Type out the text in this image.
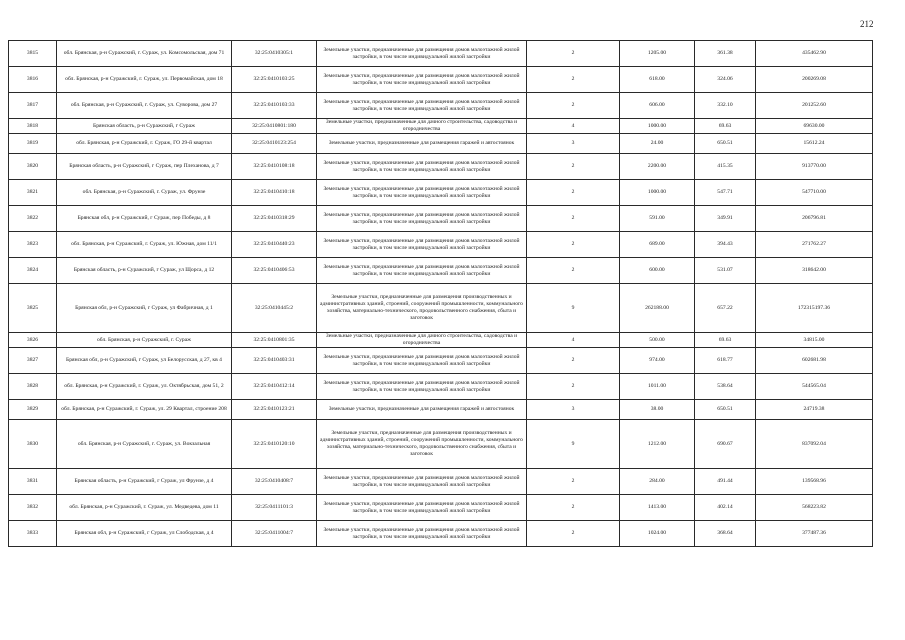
212
3815	обл. Брянская, р-н Суражский, г. Сураж, ул. Комсомольская, дом 71	32:25:0410305:1	Земельные участки, предназначенные для размещения домов малоэтажной жилой застройки, в том числе индивидуальной жилой застройки	2	1205.00	361.38	435462.90
3816	обл. Брянская, р-н Суражский, г. Сураж, ул. Первомайская, дом 18	32:25:0410103:25	Земельные участки, предназначенные для размещения домов малоэтажной жилой застройки, в том числе индивидуальной жилой застройки	2	618.00	324.06	200269.08
3817	обл. Брянская, р-н Суражский, г. Сураж, ул. Суворова, дом 27	32:25:0410103:33	Земельные участки, предназначенные для размещения домов малоэтажной жилой застройки, в том числе индивидуальной жилой застройки	2	606.00	332.10	201252.60
3818	Брянская область, р-н Суражский, г Сураж	32:25:0410801:180	Земельные участки, предназначенные для дачного строительства, садоводства и огородничества	4	1000.00	69.63	69630.00
3819	обл. Брянская, р-н Суражский, г. Сураж, ГО 29-й квартал	32:25:0410123:254	Земельные участки, предназначенные для размещения гаражей и автостоянок	3	24.00	650.51	15612.24
3820	Брянская область, р-н Суражский, г Сураж, пер Плеханова, д 7	32:25:0410108:18	Земельные участки, предназначенные для размещения домов малоэтажной жилой застройки, в том числе индивидуальной жилой застройки	2	2200.00	415.35	913770.00
3821	обл. Брянская, р-н Суражский, г. Сураж, ул. Фрунзе	32:25:0410410:18	Земельные участки, предназначенные для размещения домов малоэтажной жилой застройки, в том числе индивидуальной жилой застройки	2	1000.00	547.71	547710.00
3822	Брянская обл, р-н Суражский, г Сураж, пер Победы, д 8	32:25:0410318:29	Земельные участки, предназначенные для размещения домов малоэтажной жилой застройки, в том числе индивидуальной жилой застройки	2	591.00	349.91	206796.81
3823	обл. Брянская, р-н Суражский, г. Сураж, ул. Южная, дом 11/1	32:25:0410440:23	Земельные участки, предназначенные для размещения домов малоэтажной жилой застройки, в том числе индивидуальной жилой застройки	2	689.00	394.43	271762.27
3824	Брянская область, р-н Суражский, г Сураж, ул Щорса, д 12	32:25:0410406:53	Земельные участки, предназначенные для размещения домов малоэтажной жилой застройки, в том числе индивидуальной жилой застройки	2	600.00	531.07	318642.00
3825	Брянская обл, р-н Суражский, г Сураж, ул Фабричная, д 1	32:25:0410445:2	Земельные участки, предназначенные для размещения производственных и административных зданий, строений, сооружений промышленности, коммунального хозяйства, материально-технического, продовольственного снабжения, сбыта и заготовок	9	262188.00	657.22	172315197.36
3826	обл. Брянская, р-н Суражский, г. Сураж	32:25:0410801:35	Земельные участки, предназначенные для дачного строительства, садоводства и огородничества	4	500.00	69.63	34815.00
3827	Брянская обл, р-н Суражский, г Сураж, ул Белорусская, д 27, кв 4	32:25:0410403:31	Земельные участки, предназначенные для размещения домов малоэтажной жилой застройки, в том числе индивидуальной жилой застройки	2	974.00	618.77	602681.98
3828	обл. Брянская, р-н Суражский, г. Сураж, ул. Октябрьская, дом 51, 2	32:25:0410412:14	Земельные участки, предназначенные для размещения домов малоэтажной жилой застройки, в том числе индивидуальной жилой застройки	2	1011.00	538.64	544565.04
3829	обл. Брянская, р-н Суражский, г. Сураж, ул. 29 Квартал, строение 208	32:25:0410123:21	Земельные участки, предназначенные для размещения гаражей и автостоянок	3	38.00	650.51	24719.38
3830	обл. Брянская, р-н Суражский, г. Сураж, ул. Вокзальная	32:25:0410120:10	Земельные участки, предназначенные для размещения производственных и административных зданий, строений, сооружений промышленности, коммунального хозяйства, материально-технического, продовольственного снабжения, сбыта и заготовок	9	1212.00	690.67	837092.04
3831	Брянская область, р-н Суражский, г Сураж, ул Фрунзе, д 4	32:25:0410408:7	Земельные участки, предназначенные для размещения домов малоэтажной жилой застройки, в том числе индивидуальной жилой застройки	2	284.00	491.44	139568.96
3832	обл. Брянская, р-н Суражский, г. Сураж, ул. Медведева, дом 11	32:25:0411101:3	Земельные участки, предназначенные для размещения домов малоэтажной жилой застройки, в том числе индивидуальной жилой застройки	2	1413.00	402.14	568223.82
3833	Брянская обл, р-н Суражский, г Сураж, ул Слободская, д 4	32:25:0411004:7	Земельные участки, предназначенные для размещения домов малоэтажной жилой застройки, в том числе индивидуальной жилой застройки	2	1024.00	368.64	377487.36
